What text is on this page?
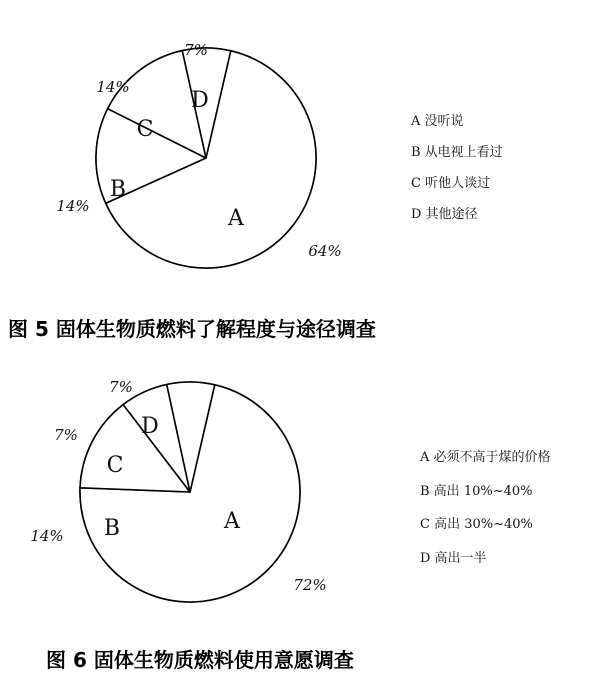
A
B
C
D
64%
14%
14%
7%
A 没听说
B 从电视上看过
C 听他人谈过
D 其他途径
图 5 固体生物质燃料了解程度与途径调查
A
B
C
D
72%
14%
7%
7%
A 必须不高于煤的价格
B 高出 10%~40%
C 高出 30%~40%
D 高出一半
图 6 固体生物质燃料使用意愿调查
